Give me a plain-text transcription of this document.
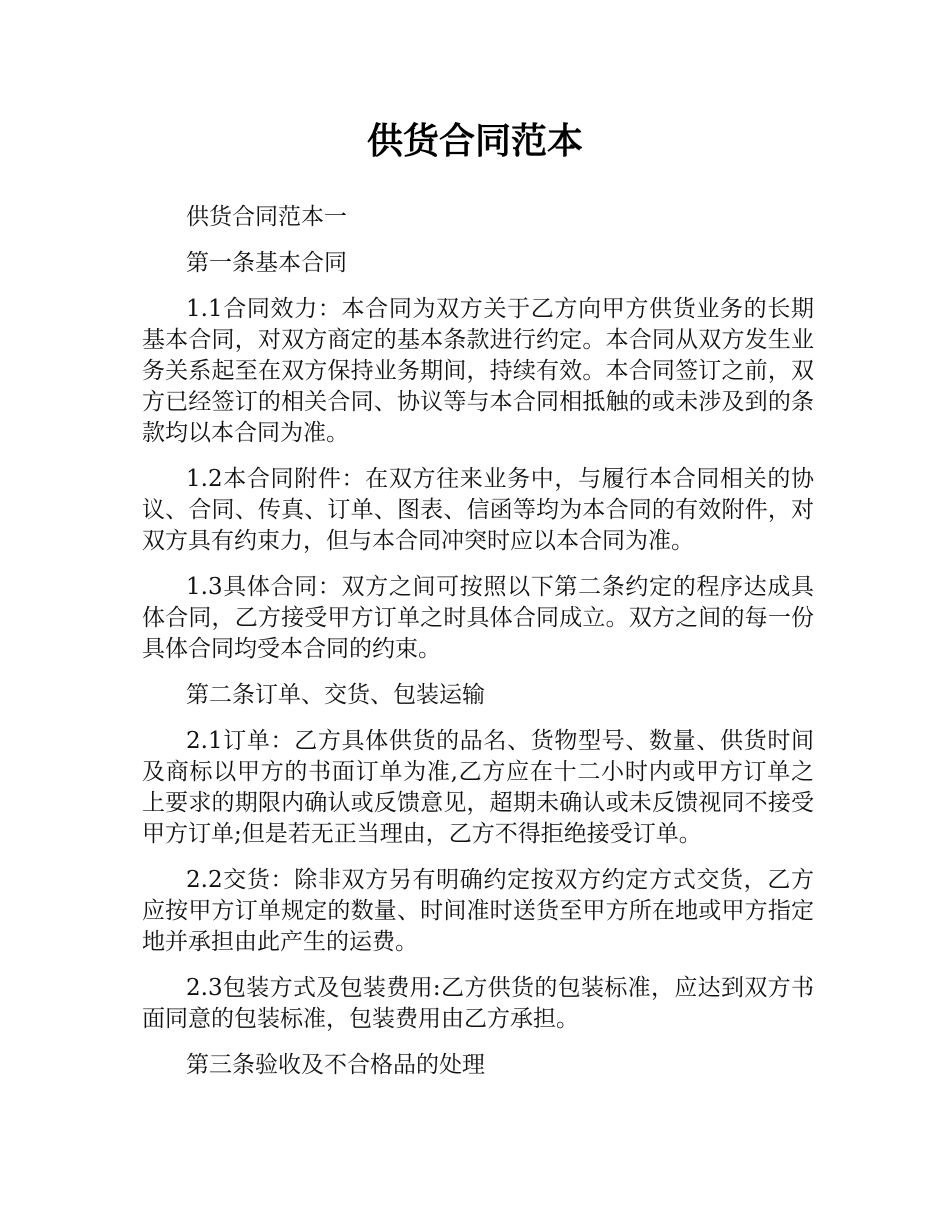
供货合同范本

供货合同范本一

第一条基本合同

1.1合同效力：本合同为双方关于乙方向甲方供货业务的长期基本合同，对双方商定的基本条款进行约定。本合同从双方发生业务关系起至在双方保持业务期间，持续有效。本合同签订之前，双方已经签订的相关合同、协议等与本合同相抵触的或未涉及到的条款均以本合同为准。

1.2本合同附件：在双方往来业务中，与履行本合同相关的协议、合同、传真、订单、图表、信函等均为本合同的有效附件，对双方具有约束力，但与本合同冲突时应以本合同为准。

1.3具体合同：双方之间可按照以下第二条约定的程序达成具体合同，乙方接受甲方订单之时具体合同成立。双方之间的每一份具体合同均受本合同的约束。

第二条订单、交货、包装运输

2.1订单：乙方具体供货的品名、货物型号、数量、供货时间及商标以甲方的书面订单为准,乙方应在十二小时内或甲方订单之上要求的期限内确认或反馈意见，超期未确认或未反馈视同不接受甲方订单;但是若无正当理由，乙方不得拒绝接受订单。

2.2交货：除非双方另有明确约定按双方约定方式交货，乙方应按甲方订单规定的数量、时间准时送货至甲方所在地或甲方指定地并承担由此产生的运费。

2.3包装方式及包装费用:乙方供货的包装标准，应达到双方书面同意的包装标准，包装费用由乙方承担。

第三条验收及不合格品的处理
